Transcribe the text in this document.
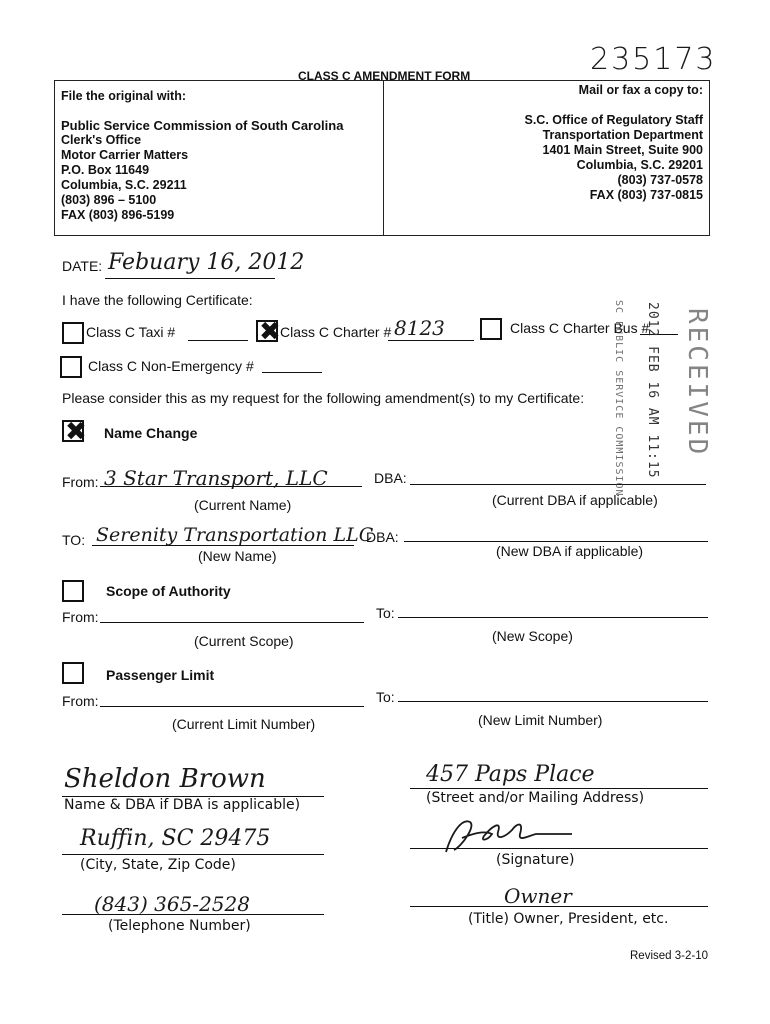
235173
CLASS C AMENDMENT FORM
File the original with:
Public Service Commission of South Carolina
Clerk's Office
Motor Carrier Matters
P.O. Box 11649
Columbia, S.C. 29211
(803) 896 – 5100
FAX (803) 896-5199
Mail or fax a copy to:
S.C. Office of Regulatory Staff
Transportation Department
1401 Main Street, Suite 900
Columbia, S.C. 29201
(803) 737-0578
FAX (803) 737-0815
DATE: Febuary 16, 2012
I have the following Certificate:
Class C Taxi #
✖	Class C Charter # 8123	Class C Charter Bus #
Class C Non-Emergency #
Please consider this as my request for the following amendment(s) to my Certificate:
✖
Name Change
From: 3 Star Transport, LLC	DBA:
(Current Name)	(Current DBA if applicable)
TO: Serenity Transportation LLC
DBA:
(New Name)	(New DBA if applicable)
Scope of Authority
From:	To:
(Current Scope)	(New Scope)
Passenger Limit
From:	To:
(Current Limit Number)	(New Limit Number)
Sheldon Brown
Name & DBA if DBA is applicable)
457 Paps Place
(Street and/or Mailing Address)
Ruffin, SC 29475
(City, State, Zip Code)	(Signature)
(843) 365-2528
(Telephone Number)
Owner
(Title) Owner, President, etc.
Revised 3-2-10
RECEIVED
2012 FEB 16 AM 11:15
SC PUBLIC SERVICE COMMISSION
